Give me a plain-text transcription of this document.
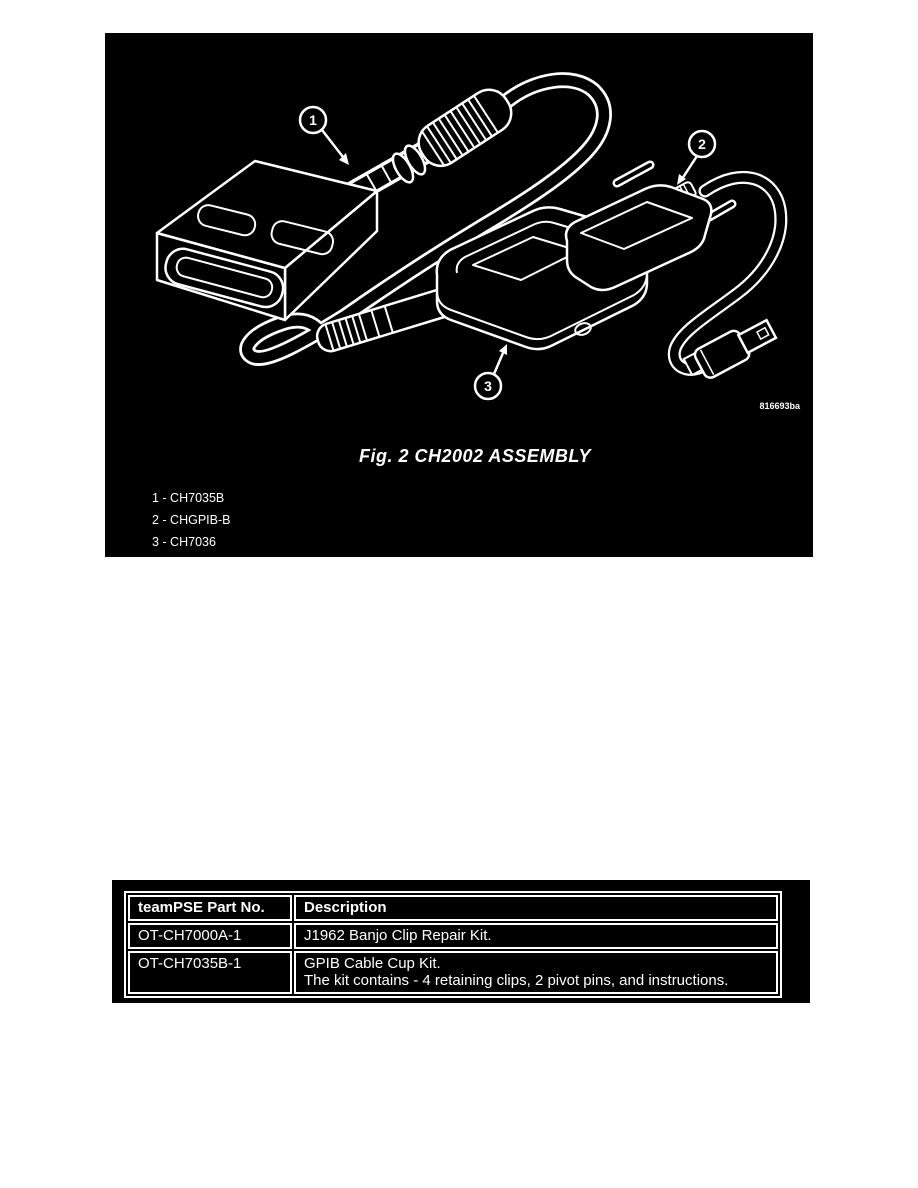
1
2
3
816693ba
Fig. 2 CH2002 ASSEMBLY
1 - CH7035B
2 - CHGPIB-B
3 - CH7036
teamPSE Part No.	Description
OT-CH7000A-1	J1962 Banjo Clip Repair Kit.
OT-CH7035B-1	GPIB Cable Cup Kit.
The kit contains - 4 retaining clips, 2 pivot pins, and instructions.
